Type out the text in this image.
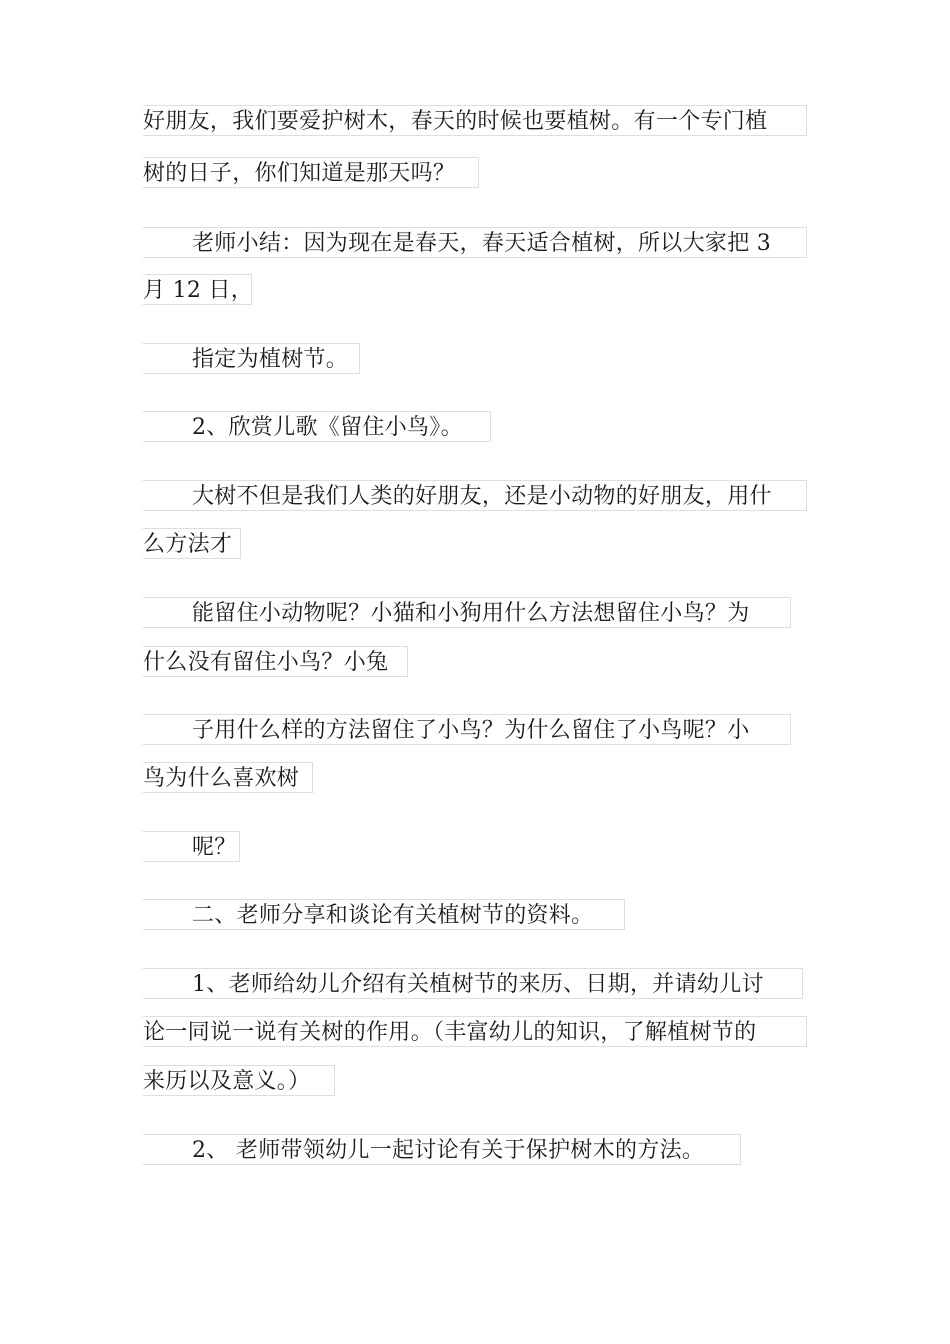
好朋友，我们要爱护树木，春天的时候也要植树。有一个专门植
树的日子，你们知道是那天吗？
老师小结：因为现在是春天，春天适合植树，所以大家把 3
月 12 日，
指定为植树节。
2、欣赏儿歌《留住小鸟》。
大树不但是我们人类的好朋友，还是小动物的好朋友，用什
么方法才
能留住小动物呢？小猫和小狗用什么方法想留住小鸟？为
什么没有留住小鸟？小兔
子用什么样的方法留住了小鸟？为什么留住了小鸟呢？小
鸟为什么喜欢树
呢？
二、老师分享和谈论有关植树节的资料。
1、老师给幼儿介绍有关植树节的来历、日期，并请幼儿讨
论一同说一说有关树的作用。（丰富幼儿的知识，了解植树节的
来历以及意义。）
2、 老师带领幼儿一起讨论有关于保护树木的方法。
